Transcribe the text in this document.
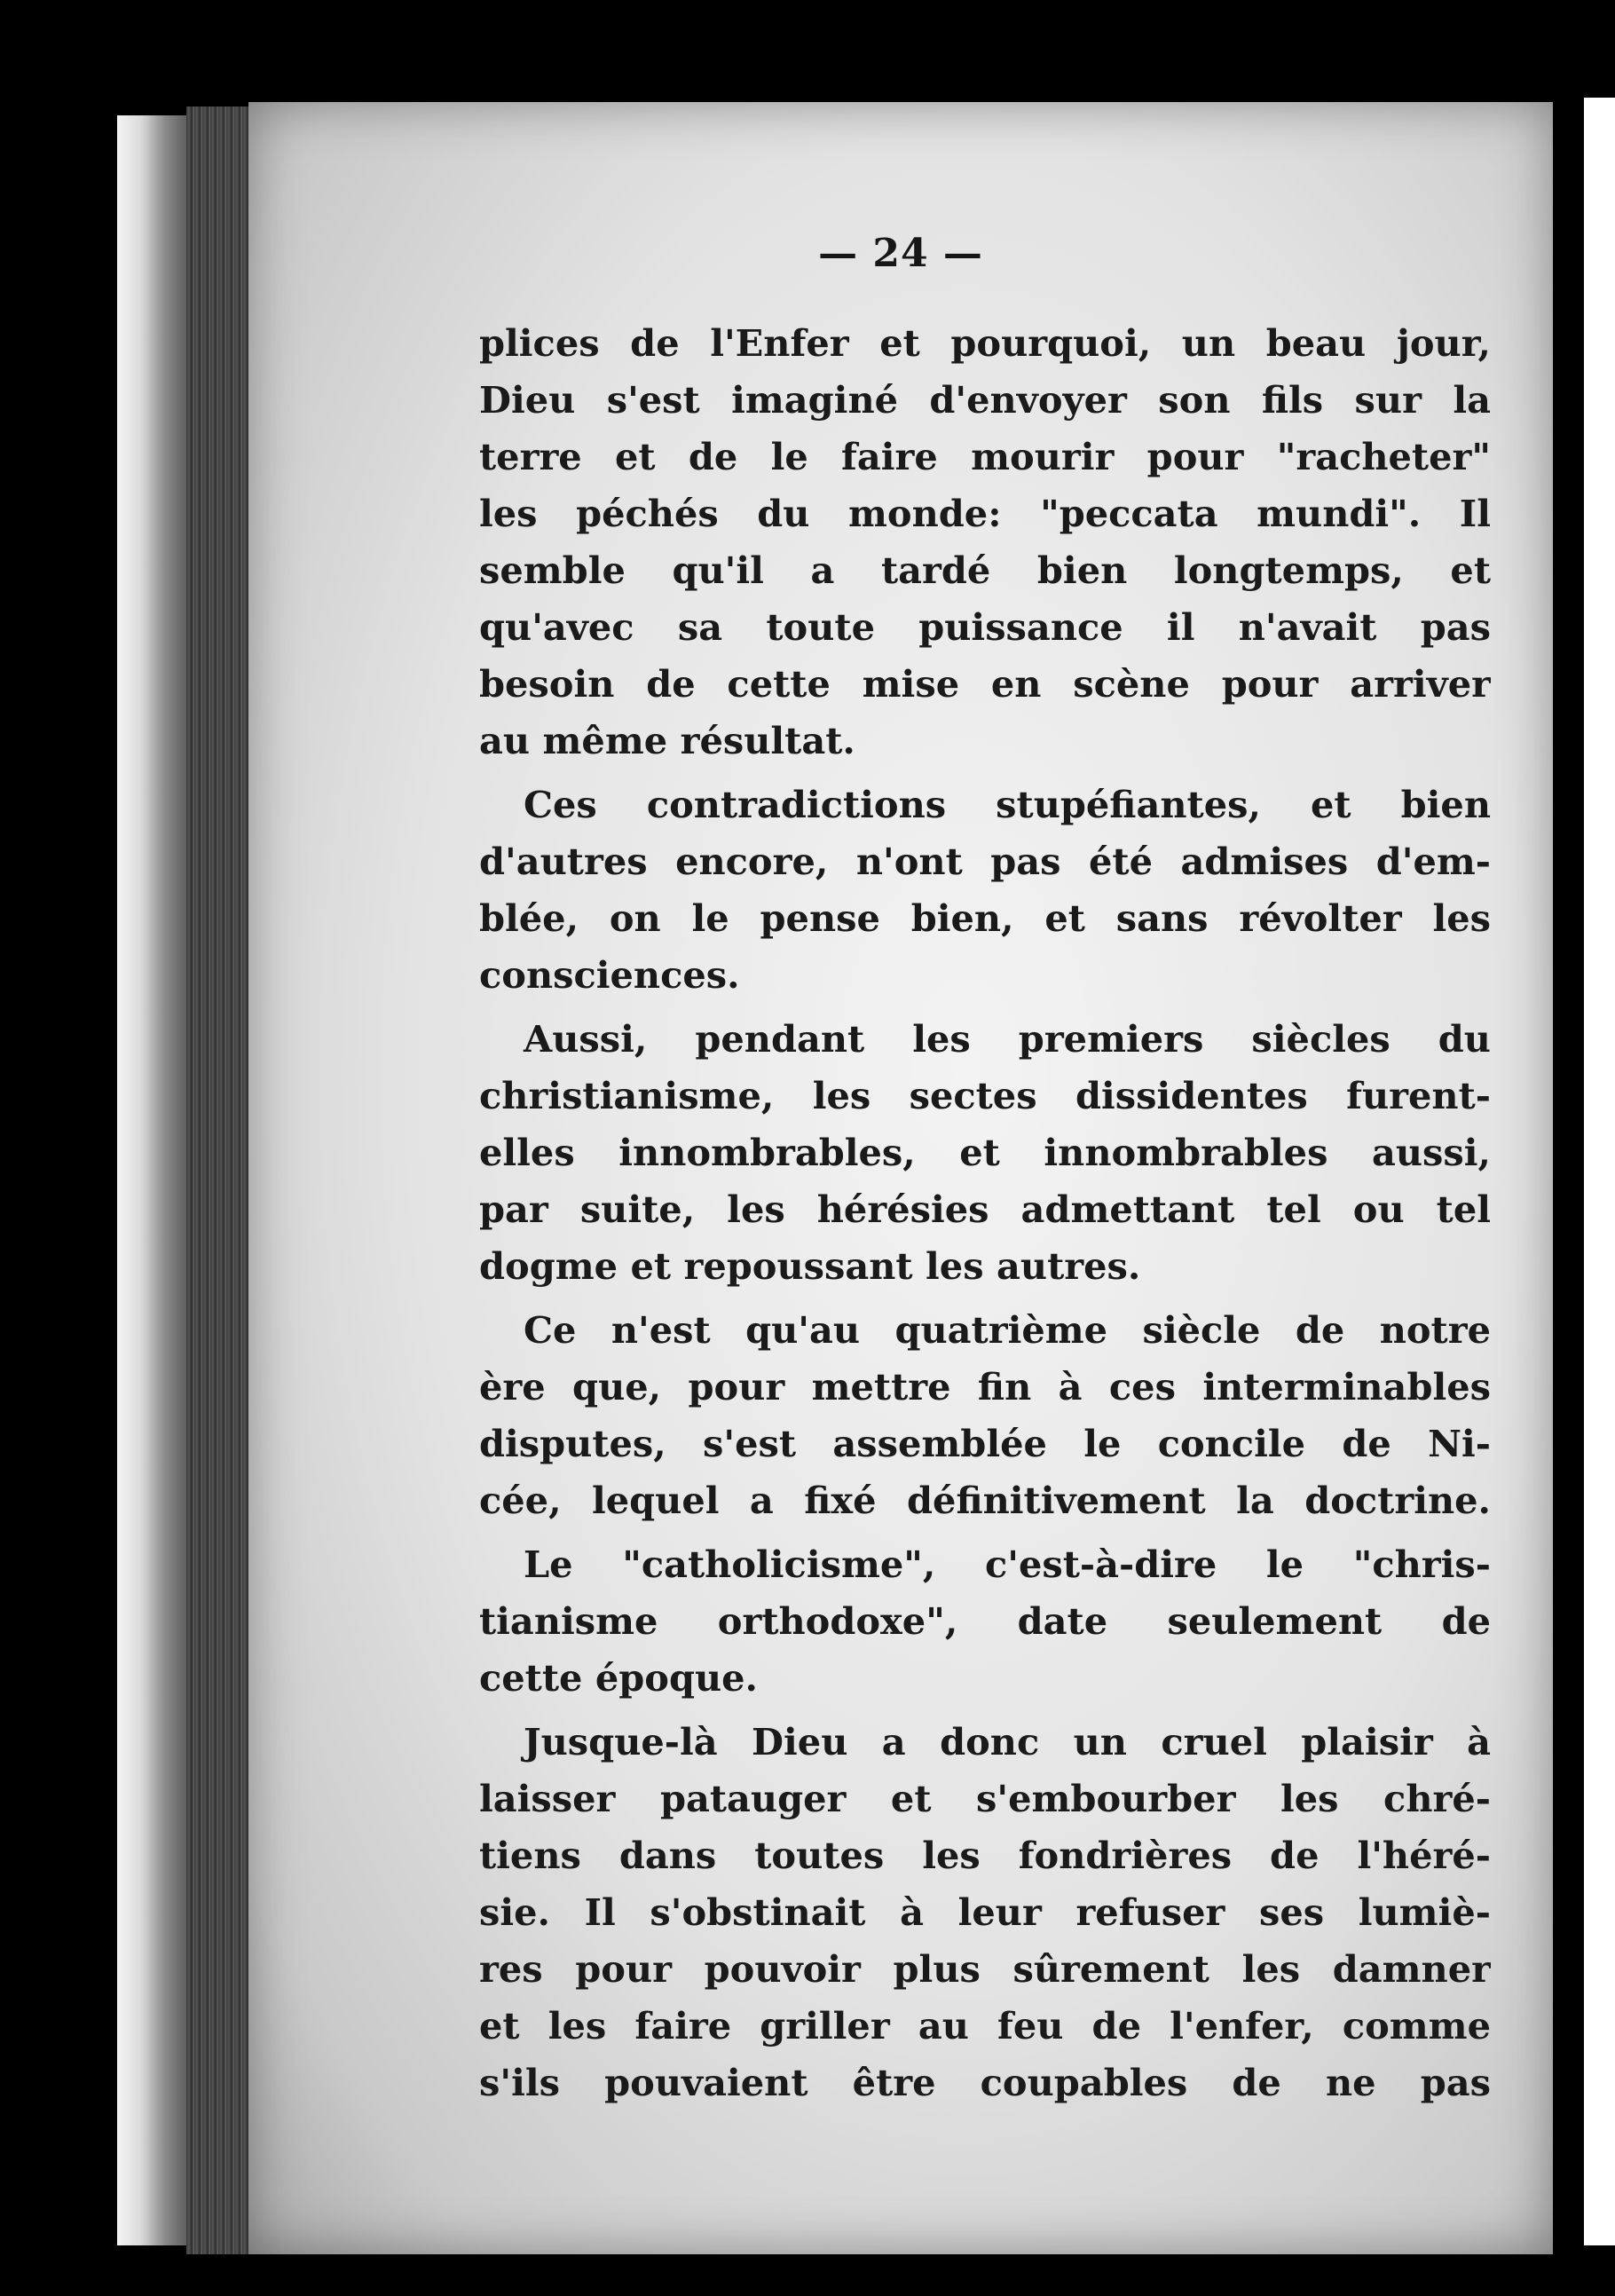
— 24 —
plices de l'Enfer et pourquoi, un beau jour,
Dieu s'est imaginé d'envoyer son fils sur la
terre et de le faire mourir pour "racheter"
les péchés du monde: "peccata mundi". Il
semble qu'il a tardé bien longtemps, et
qu'avec sa toute puissance il n'avait pas
besoin de cette mise en scène pour arriver
au même résultat.
Ces contradictions stupéfiantes, et bien
d'autres encore, n'ont pas été admises d'em-
blée, on le pense bien, et sans révolter les
consciences.
Aussi, pendant les premiers siècles du
christianisme, les sectes dissidentes furent-
elles innombrables, et innombrables aussi,
par suite, les hérésies admettant tel ou tel
dogme et repoussant les autres.
Ce n'est qu'au quatrième siècle de notre
ère que, pour mettre fin à ces interminables
disputes, s'est assemblée le concile de Ni-
cée, lequel a fixé définitivement la doctrine.
Le "catholicisme", c'est-à-dire le "chris-
tianisme orthodoxe", date seulement de
cette époque.
Jusque-là Dieu a donc un cruel plaisir à
laisser patauger et s'embourber les chré-
tiens dans toutes les fondrières de l'héré-
sie. Il s'obstinait à leur refuser ses lumiè-
res pour pouvoir plus sûrement les damner
et les faire griller au feu de l'enfer, comme
s'ils pouvaient être coupables de ne pas
